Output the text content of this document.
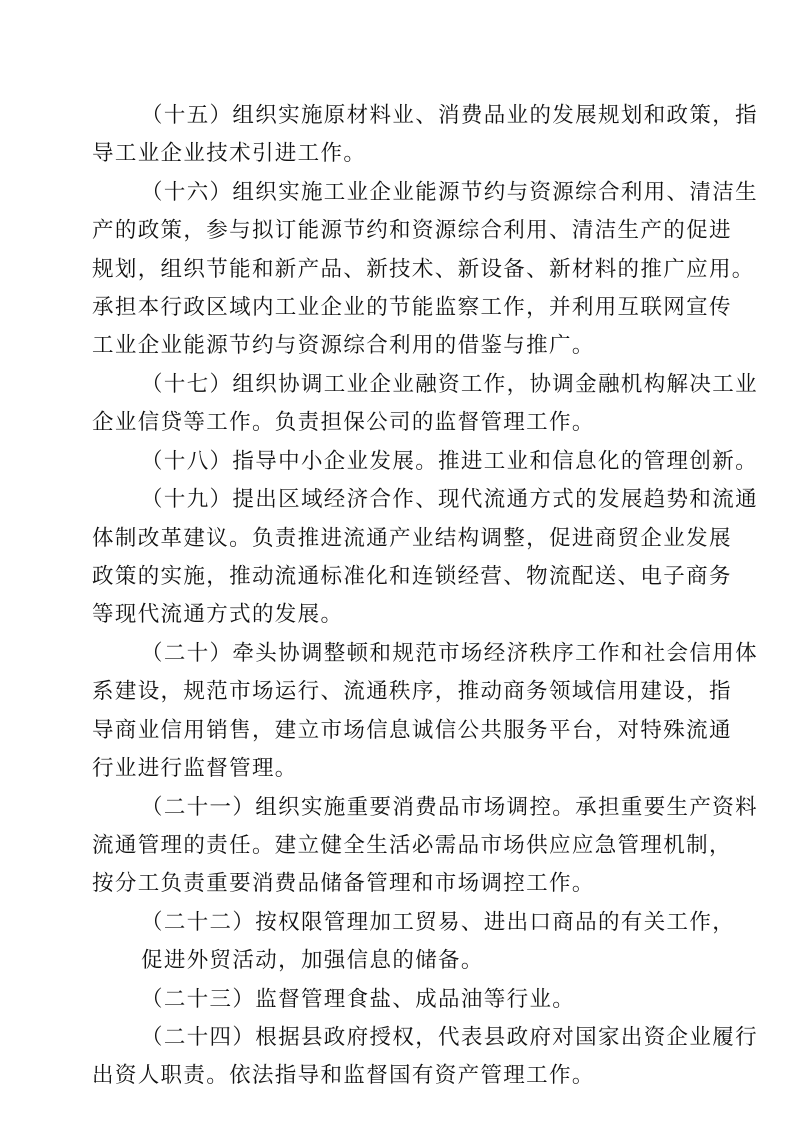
（十五）组织实施原材料业、消费品业的发展规划和政策，指
导工业企业技术引进工作。
（十六）组织实施工业企业能源节约与资源综合利用、清洁生
产的政策，参与拟订能源节约和资源综合利用、清洁生产的促进
规划，组织节能和新产品、新技术、新设备、新材料的推广应用。
承担本行政区域内工业企业的节能监察工作，并利用互联网宣传
工业企业能源节约与资源综合利用的借鉴与推广。
（十七）组织协调工业企业融资工作，协调金融机构解决工业
企业信贷等工作。负责担保公司的监督管理工作。
（十八）指导中小企业发展。推进工业和信息化的管理创新。
（十九）提出区域经济合作、现代流通方式的发展趋势和流通
体制改革建议。负责推进流通产业结构调整，促进商贸企业发展
政策的实施，推动流通标准化和连锁经营、物流配送、电子商务
等现代流通方式的发展。
（二十）牵头协调整顿和规范市场经济秩序工作和社会信用体
系建设，规范市场运行、流通秩序，推动商务领域信用建设，指
导商业信用销售，建立市场信息诚信公共服务平台，对特殊流通
行业进行监督管理。
（二十一）组织实施重要消费品市场调控。承担重要生产资料
流通管理的责任。建立健全生活必需品市场供应应急管理机制，
按分工负责重要消费品储备管理和市场调控工作。
（二十二）按权限管理加工贸易、进出口商品的有关工作，
促进外贸活动，加强信息的储备。
（二十三）监督管理食盐、成品油等行业。
（二十四）根据县政府授权，代表县政府对国家出资企业履行
出资人职责。依法指导和监督国有资产管理工作。
